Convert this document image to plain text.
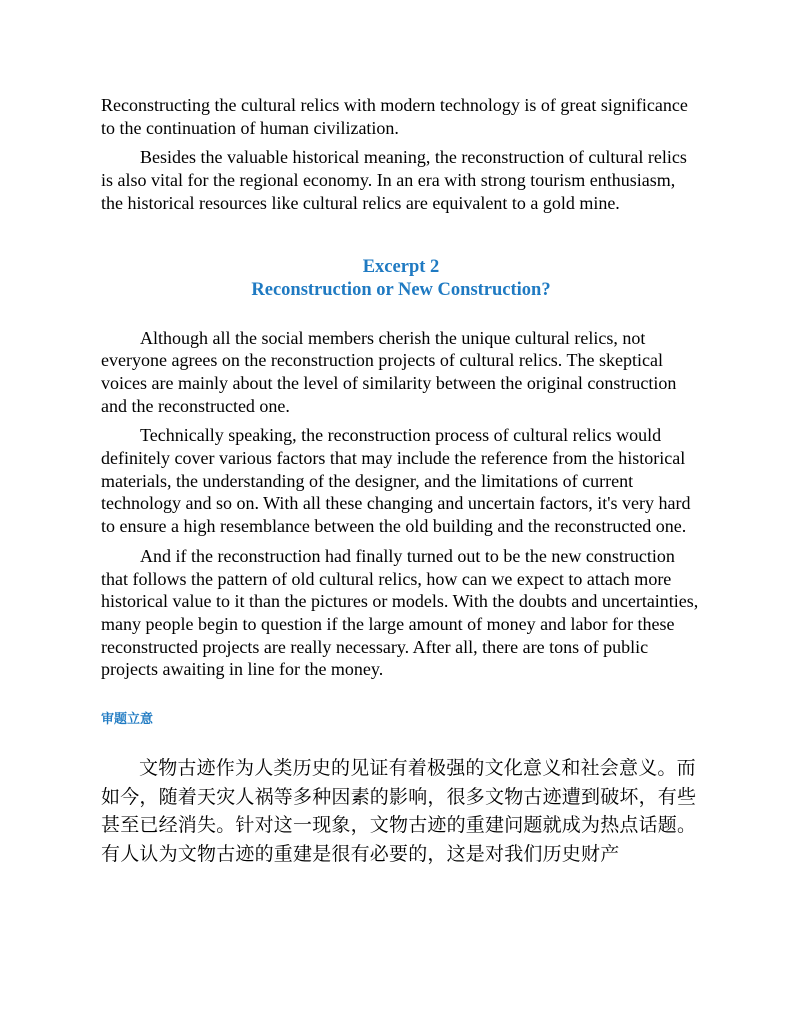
Reconstructing the cultural relics with modern technology is of great significance to the continuation of human civilization.

Besides the valuable historical meaning, the reconstruction of cultural relics is also vital for the regional economy. In an era with strong tourism enthusiasm, the historical resources like cultural relics are equivalent to a gold mine.

Excerpt 2
Reconstruction or New Construction?

Although all the social members cherish the unique cultural relics, not everyone agrees on the reconstruction projects of cultural relics. The skeptical voices are mainly about the level of similarity between the original construction and the reconstructed one.

Technically speaking, the reconstruction process of cultural relics would definitely cover various factors that may include the reference from the historical materials, the understanding of the designer, and the limitations of current technology and so on. With all these changing and uncertain factors, it's very hard to ensure a high resemblance between the old building and the reconstructed one.

And if the reconstruction had finally turned out to be the new construction that follows the pattern of old cultural relics, how can we expect to attach more historical value to it than the pictures or models. With the doubts and uncertainties, many people begin to question if the large amount of money and labor for these reconstructed projects are really necessary. After all, there are tons of public projects awaiting in line for the money.

审题立意

文物古迹作为人类历史的见证有着极强的文化意义和社会意义。而如今，随着天灾人祸等多种因素的影响，很多文物古迹遭到破坏，有些甚至已经消失。针对这一现象，文物古迹的重建问题就成为热点话题。有人认为文物古迹的重建是很有必要的，这是对我们历史财产
